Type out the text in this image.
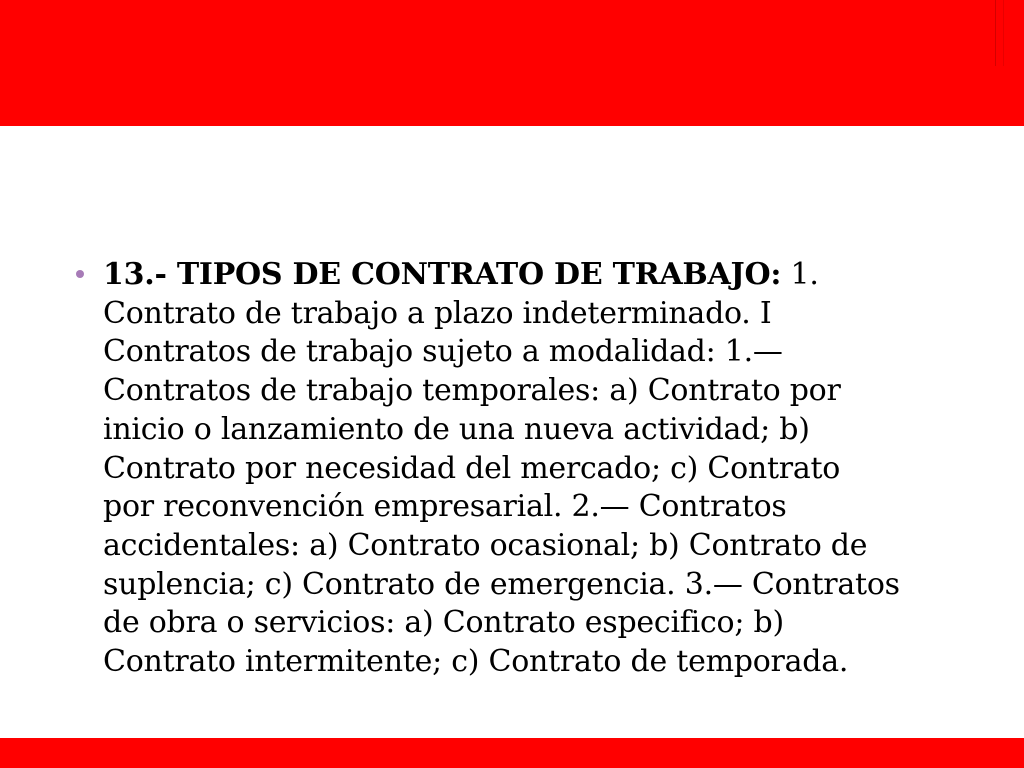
13.- TIPOS DE CONTRATO DE TRABAJO: 1.
Contrato de trabajo a plazo indeterminado. I
Contratos de trabajo sujeto a modalidad: 1.—
Contratos de trabajo temporales: a) Contrato por
inicio o lanzamiento de una nueva actividad; b)
Contrato por necesidad del mercado; c) Contrato
por reconvención empresarial. 2.— Contratos
accidentales: a) Contrato ocasional; b) Contrato de
suplencia; c) Contrato de emergencia. 3.— Contratos
de obra o servicios: a) Contrato especifico; b)
Contrato intermitente; c) Contrato de temporada.
